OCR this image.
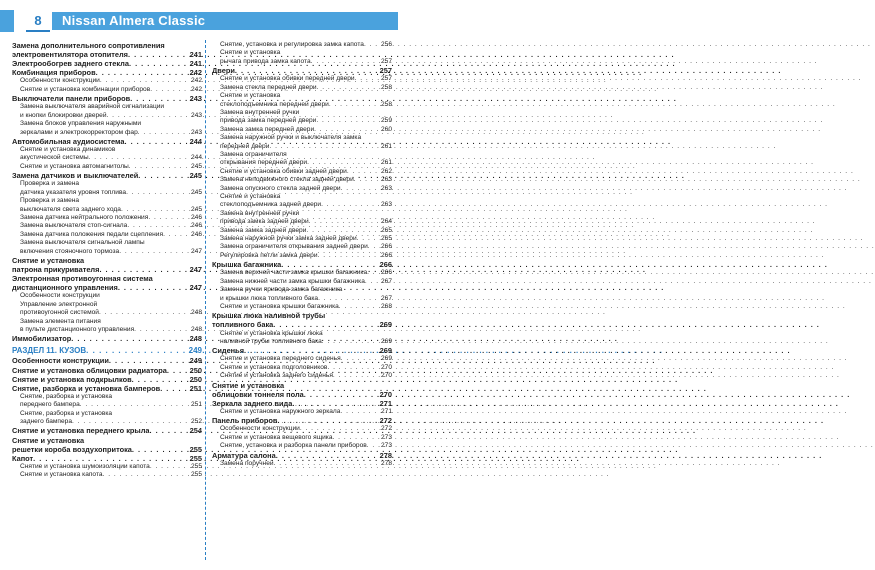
8	Nissan Almera Classic
Замена дополнительного сопротивления
электровентилятора отопителя . . .	241
Электрообогрев заднего стекла . . .	241
Комбинация приборов . . .	242
Особенности конструкции . . .	242
Снятие и установка комбинации приборов . . .	242
Выключатели панели приборов . . .	243
Замена выключателя аварийной сигнализации
и кнопки блокировки дверей . . .	243
Замена блоков управления наружными
зеркалами и электрокорректором фар . . .	243
Автомобильная аудиосистема . . .	244
Снятие и установка динамиков
акустической системы . . .	244
Снятие и установка автомагнитолы . . .	245
Замена датчиков и выключателей . . .	245
Проверка и замена
датчика указателя уровня топлива . . .	245
Проверка и замена
выключателя света заднего хода . . .	245
Замена датчика нейтрального положения . . .	246
Замена выключателя стоп-сигнала . . .	246
Замена датчика положения педали сцепления . . .	246
Замена выключателя сигнальной лампы
включения стояночного тормоза . . .	247
Снятие и установка
патрона прикуривателя . . .	247
Электронная противоугонная система
дистанционного управления . . .	247
Особенности конструкции
Управление электронной
противоугонной системой . . .	248
Замена элемента питания
в пульте дистанционного управления . . .	248
Иммобилизатор . . .	248
РАЗДЕЛ 11. КУЗОВ . . .	249
Особенности конструкции . . .	249
Снятие и установка облицовки радиатора . . .	250
Снятие и установка подкрылков . . .	250
Снятие, разборка и установка бамперов . . .	251
Снятие, разборка и установка
переднего бампера . . .	251
Снятие, разборка и установка
заднего бампера . . .	252
Снятие и установка переднего крыла . . .	254
Снятие и установка
решетки короба воздухопритока . . .	255
Капот . . .	255
Снятие и установка шумоизоляции капота . . .	255
Снятие и установка капота . . .	255
Снятие, установка и регулировка замка капота . . .	256
Снятие и установка
рычага привода замка капота . . .	257
Двери . . .	257
Снятие и установка обивки передней двери . . .	257
Замена стекла передней двери . . .	258
Снятие и установка
стеклоподъемника передней двери . . .	258
Замена внутренней ручки
привода замка передней двери . . .	259
Замена замка передней двери . . .	260
Замена наружной ручки и выключателя замка
передней двери . . .	261
Замена ограничителя
открывания передней двери . . .	261
Снятие и установка обивки задней двери . . .	262
Замена неподвижного стекла задней двери . . .	263
Замена опускного стекла задней двери . . .	263
Снятие и установка
стеклоподъемника задней двери . . .	263
Замена внутренней ручки
привода замка задней двери . . .	264
Замена замка задней двери . . .	265
Замена наружной ручки замка задней двери . . .	265
Замена ограничителя открывания задней двери . . . 266
Регулировка петли замка двери . . .	266
Крышка багажника . . .	266
Замена верхней части замка крышки багажника . . . 266
Замена нижней части замка крышки багажника . . . 267
Замена ручки привода замка багажника
и крышки люка топливного бака . . .	267
Снятие и установка крышки багажника . . .	268
Крышка люка наливной трубы
топливного бака . . .	269
Снятие и установка крышки люка
наливной трубы топливного бака . . .	269
Сиденья . . .	269
Снятие и установка переднего сиденья . . .	269
Снятие и установка подголовников . . .	270
Снятие и установка заднего сиденья . . .	270
Снятие и установка
облицовки тоннеля пола . . .	270
Зеркала заднего вида . . .	271
Снятие и установка наружного зеркала . . .	271
Панель приборов . . .	272
Особенности конструкции . . .	272
Снятие и установка вещевого ящика . . .	273
Снятие, установка и разборка панели приборов . . . 273
Арматура салона . . .	278
Замена поручней . . .	278
